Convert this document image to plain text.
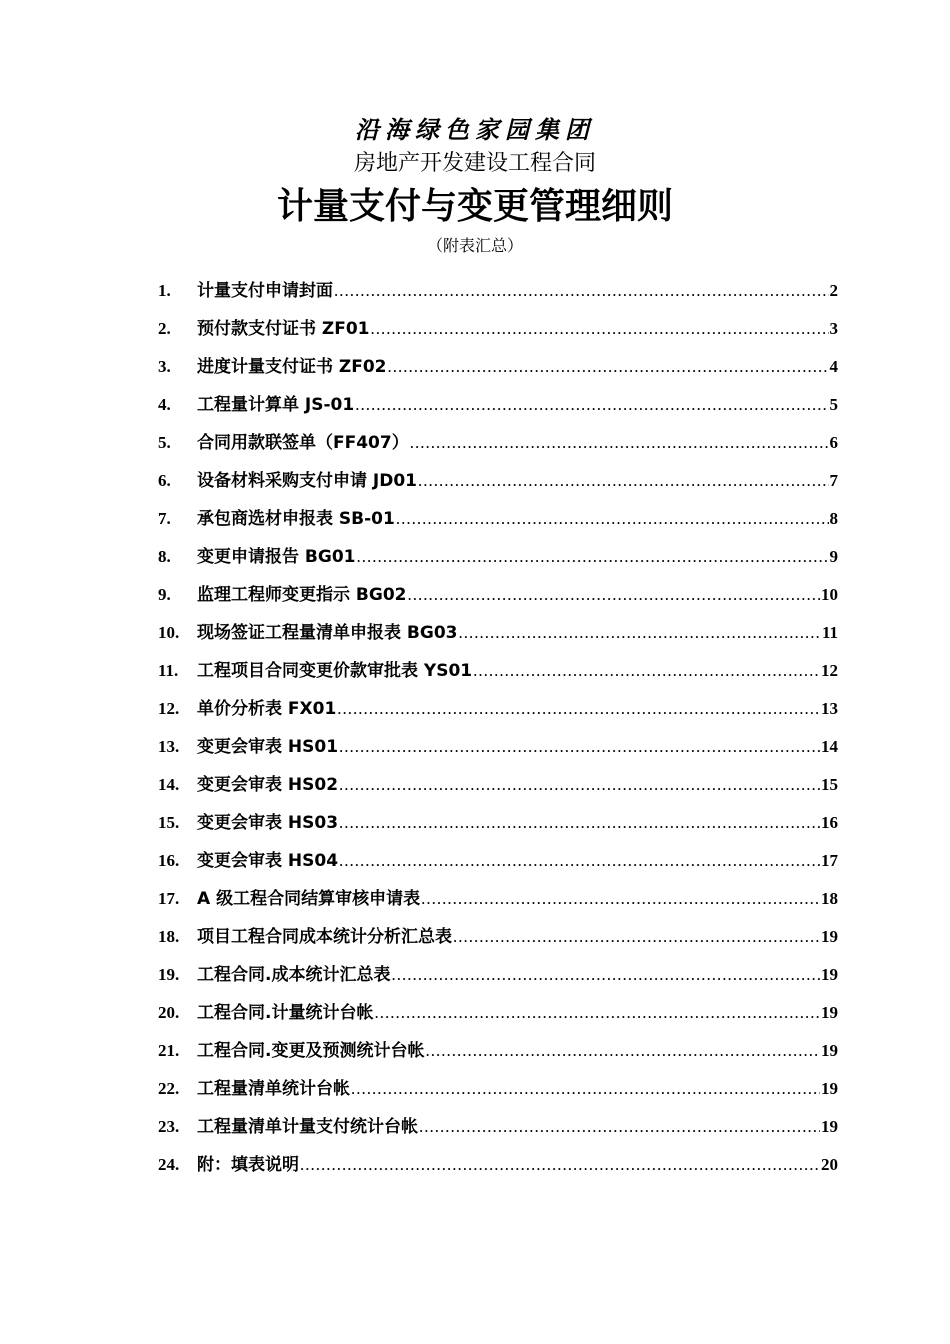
沿海绿色家园集团
房地产开发建设工程合同
计量支付与变更管理细则
（附表汇总）
1.	计量支付申请封面 .....	2
2.	预付款支付证书 ZF01 .....	3
3.	进度计量支付证书 ZF02 .....	4
4.	工程量计算单 JS-01 .....	5
5.	合同用款联签单（FF407） .....	6
6.	设备材料采购支付申请 JD01 .....	7
7.	承包商选材申报表 SB-01 .....	8
8.	变更申请报告 BG01 .....	9
9.	监理工程师变更指示 BG02 .....	10
10.	现场签证工程量清单申报表 BG03 .....	11
11.	工程项目合同变更价款审批表 YS01 .....	12
12.	单价分析表 FX01 .....	13
13.	变更会审表 HS01 .....	14
14.	变更会审表 HS02 .....	15
15.	变更会审表 HS03 .....	16
16.	变更会审表 HS04 .....	17
17.	A 级工程合同结算审核申请表 .....	18
18.	项目工程合同成本统计分析汇总表 .....	19
19.	工程合同.成本统计汇总表 .....	19
20.	工程合同.计量统计台帐 .....	19
21.	工程合同.变更及预测统计台帐 .....	19
22.	工程量清单统计台帐 .....	19
23.	工程量清单计量支付统计台帐 .....	19
24.	附：填表说明 .....	20
